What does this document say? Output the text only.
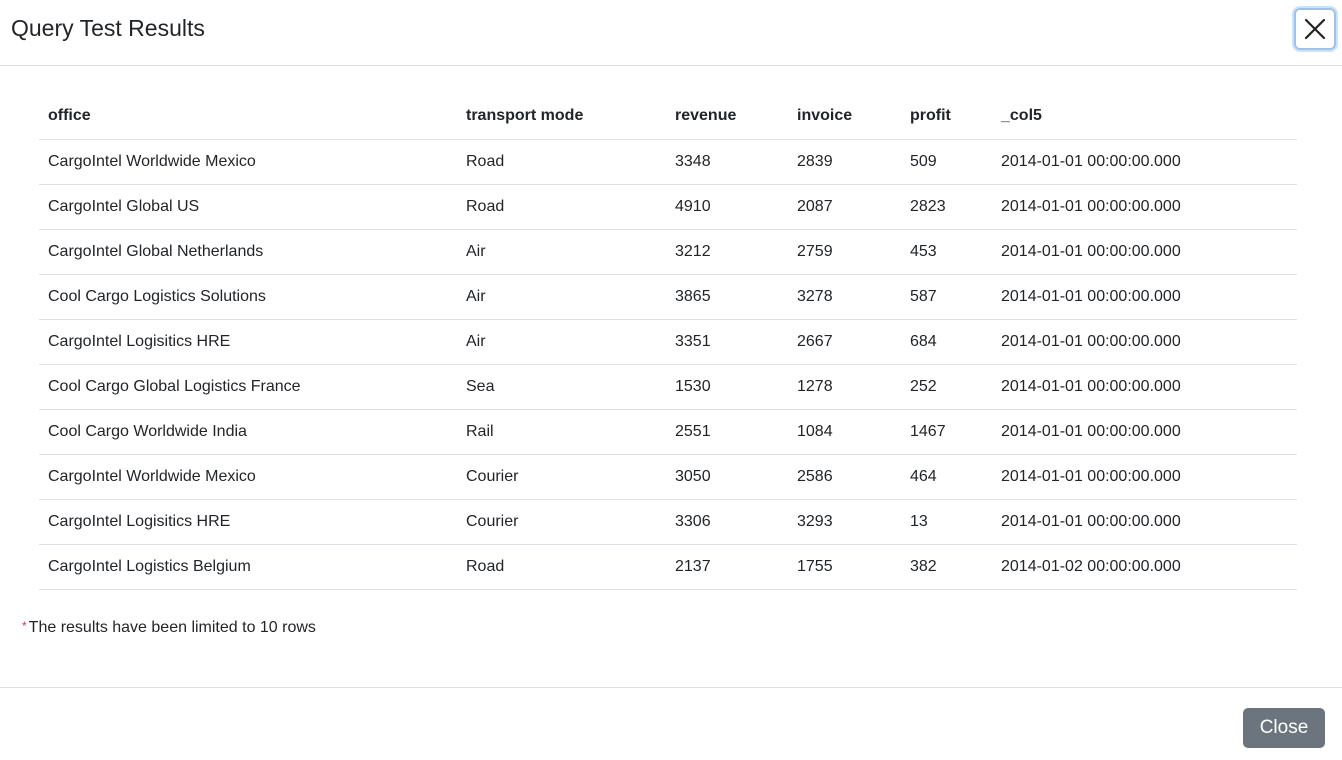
Query Test Results
office	transport mode	revenue	invoice	profit	_col5
CargoIntel Worldwide Mexico	Road	3348	2839	509	2014-01-01 00:00:00.000
CargoIntel Global US	Road	4910	2087	2823	2014-01-01 00:00:00.000
CargoIntel Global Netherlands	Air	3212	2759	453	2014-01-01 00:00:00.000
Cool Cargo Logistics Solutions	Air	3865	3278	587	2014-01-01 00:00:00.000
CargoIntel Logisitics HRE	Air	3351	2667	684	2014-01-01 00:00:00.000
Cool Cargo Global Logistics France	Sea	1530	1278	252	2014-01-01 00:00:00.000
Cool Cargo Worldwide India	Rail	2551	1084	1467	2014-01-01 00:00:00.000
CargoIntel Worldwide Mexico	Courier	3050	2586	464	2014-01-01 00:00:00.000
CargoIntel Logisitics HRE	Courier	3306	3293	13	2014-01-01 00:00:00.000
CargoIntel Logistics Belgium	Road	2137	1755	382	2014-01-02 00:00:00.000
* The results have been limited to 10 rows
Close
